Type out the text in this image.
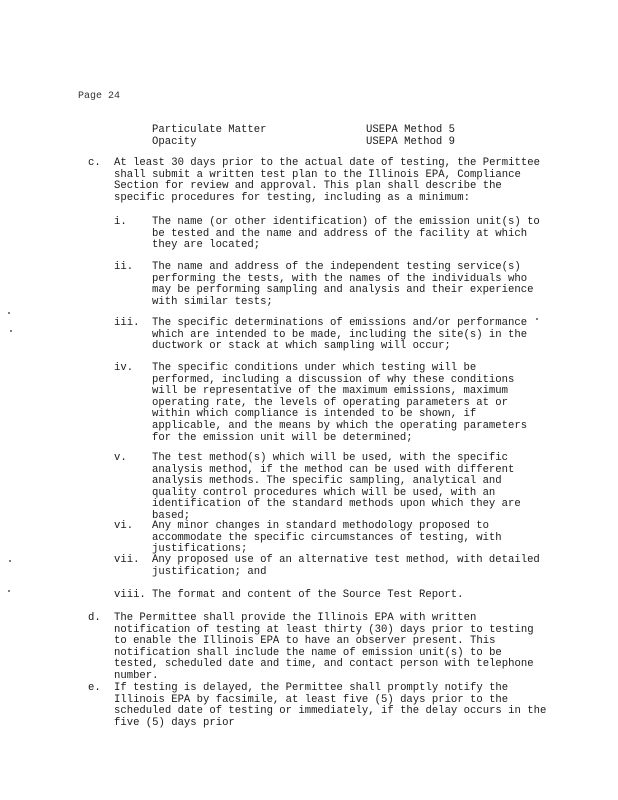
Page 24
Particulate Matter	USEPA Method 5
Opacity	USEPA Method 9
c. At least 30 days prior to the actual date of testing, the Permittee shall submit a written test plan to the Illinois EPA, Compliance Section for review and approval. This plan shall describe the specific procedures for testing, including as a minimum:
i. The name (or other identification) of the emission unit(s) to be tested and the name and address of the facility at which they are located;
ii. The name and address of the independent testing service(s) performing the tests, with the names of the individuals who may be performing sampling and analysis and their experience with similar tests;
iii. The specific determinations of emissions and/or performance which are intended to be made, including the site(s) in the ductwork or stack at which sampling will occur;
iv. The specific conditions under which testing will be performed, including a discussion of why these conditions will be representative of the maximum emissions, maximum operating rate, the levels of operating parameters at or within which compliance is intended to be shown, if applicable, and the means by which the operating parameters for the emission unit will be determined;
v. The test method(s) which will be used, with the specific analysis method, if the method can be used with different analysis methods. The specific sampling, analytical and quality control procedures which will be used, with an identification of the standard methods upon which they are based;
vi. Any minor changes in standard methodology proposed to accommodate the specific circumstances of testing, with justifications;
vii. Any proposed use of an alternative test method, with detailed justification; and
viii. The format and content of the Source Test Report.
d. The Permittee shall provide the Illinois EPA with written notification of testing at least thirty (30) days prior to testing to enable the Illinois EPA to have an observer present. This notification shall include the name of emission unit(s) to be tested, scheduled date and time, and contact person with telephone number.
e. If testing is delayed, the Permittee shall promptly notify the Illinois EPA by facsimile, at least five (5) days prior to the scheduled date of testing or immediately, if the delay occurs in the five (5) days prior
